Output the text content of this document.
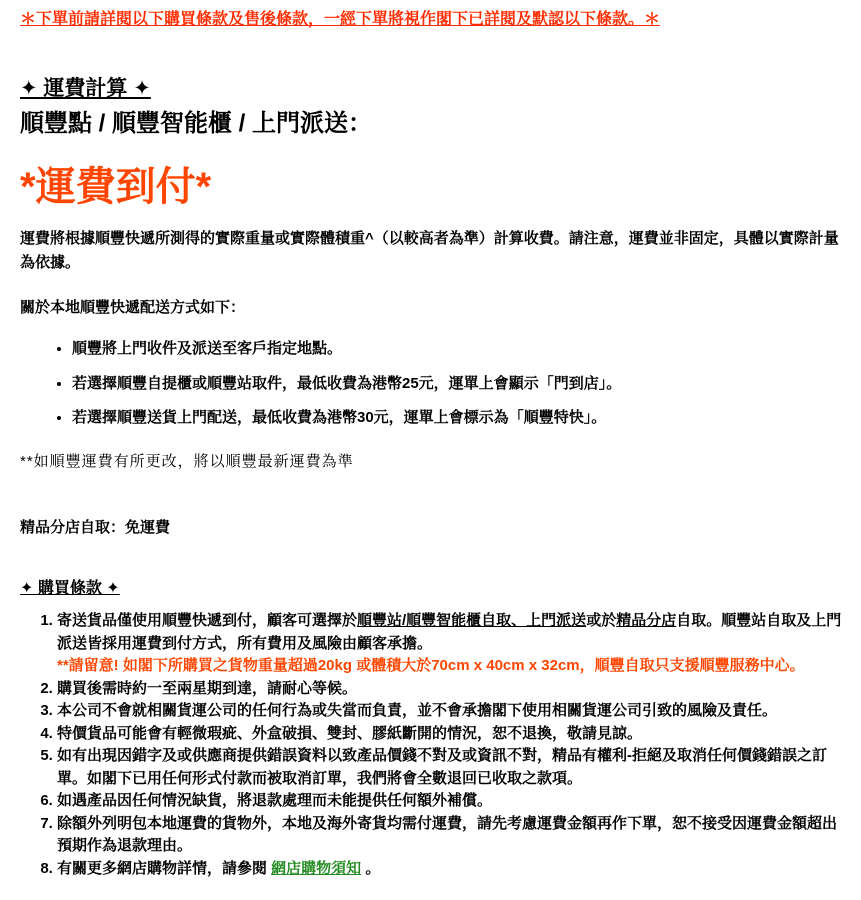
＊下單前請詳閱以下購買條款及售後條款，一經下單將視作閣下已詳閱及默認以下條款。＊
✦ 運費計算 ✦
順豐點 / 順豐智能櫃 / 上門派送：
*運費到付*

運費將根據順豐快遞所測得的實際重量或實際體積重^（以較高者為準）計算收費。請注意，運費並非固定，具體以實際計量為依據。

關於本地順豐快遞配送方式如下：

• 順豐將上門收件及派送至客戶指定地點。
• 若選擇順豐自提櫃或順豐站取件，最低收費為港幣25元，運單上會顯示「門到店」。
• 若選擇順豐送貨上門配送，最低收費為港幣30元，運單上會標示為「順豐特快」。

**如順豐運費有所更改，將以順豐最新運費為準

精品分店自取：免運費

✦ 購買條款 ✦
1. 寄送貨品僅使用順豐快遞到付，顧客可選擇於順豐站/順豐智能櫃自取、上門派送或於精品分店自取。順豐站自取及上門派送皆採用運費到付方式，所有費用及風險由顧客承擔。
**請留意! 如閣下所購買之貨物重量超過20kg 或體積大於70cm x 40cm x 32cm，順豐自取只支援順豐服務中心。
2. 購買後需時約一至兩星期到達，請耐心等候。
3. 本公司不會就相關貨運公司的任何行為或失當而負責，並不會承擔閣下使用相關貨運公司引致的風險及責任。
4. 特價貨品可能會有輕微瑕疵、外盒破損、雙封、膠紙斷開的情況，恕不退換，敬請見諒。
5. 如有出現因錯字及或供應商提供錯誤資料以致產品價錢不對及或資訊不對，精品有權利-拒絕及取消任何價錢錯誤之訂單。如閣下已用任何形式付款而被取消訂單，我們將會全數退回已收取之款項。
6. 如遇產品因任何情況缺貨，將退款處理而未能提供任何額外補償。
7. 除額外列明包本地運費的貨物外，本地及海外寄貨均需付運費，請先考慮運費金額再作下單，恕不接受因運費金額超出預期作為退款理由。
8. 有關更多網店購物詳情，請參閱 網店購物須知 。
